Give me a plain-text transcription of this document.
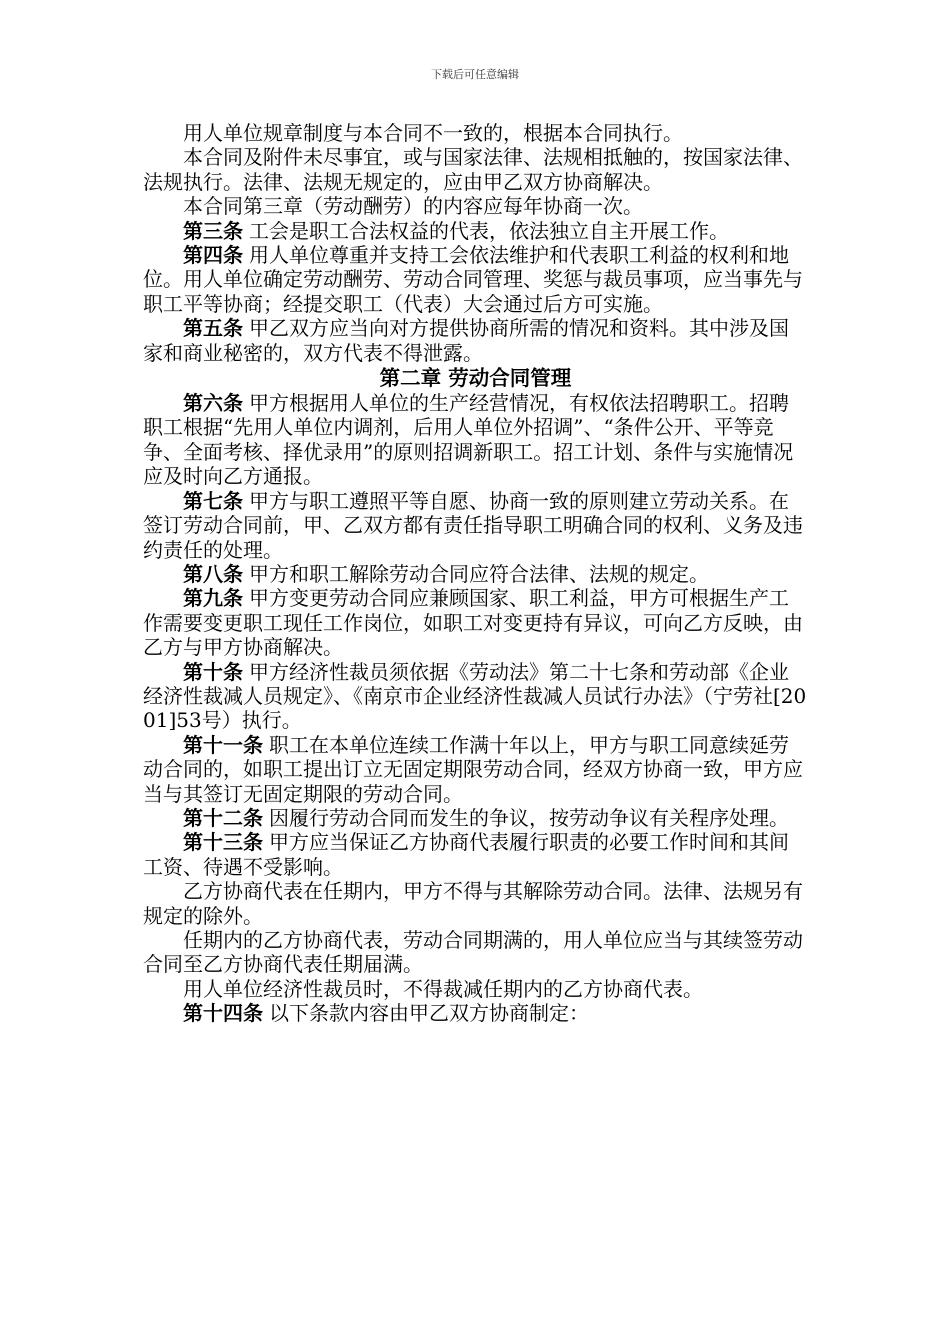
下载后可任意编辑

用人单位规章制度与本合同不一致的，根据本合同执行。

本合同及附件未尽事宜，或与国家法律、法规相抵触的，按国家法律、法规执行。法律、法规无规定的，应由甲乙双方协商解决。

本合同第三章（劳动酬劳）的内容应每年协商一次。

第三条 工会是职工合法权益的代表，依法独立自主开展工作。

第四条 用人单位尊重并支持工会依法维护和代表职工利益的权利和地位。用人单位确定劳动酬劳、劳动合同管理、奖惩与裁员事项，应当事先与职工平等协商；经提交职工（代表）大会通过后方可实施。

第五条 甲乙双方应当向对方提供协商所需的情况和资料。其中涉及国家和商业秘密的，双方代表不得泄露。

第二章 劳动合同管理

第六条 甲方根据用人单位的生产经营情况，有权依法招聘职工。招聘职工根据“先用人单位内调剂，后用人单位外招调”、“条件公开、平等竞争、全面考核、择优录用”的原则招调新职工。招工计划、条件与实施情况应及时向乙方通报。

第七条 甲方与职工遵照平等自愿、协商一致的原则建立劳动关系。在签订劳动合同前，甲、乙双方都有责任指导职工明确合同的权利、义务及违约责任的处理。

第八条 甲方和职工解除劳动合同应符合法律、法规的规定。

第九条 甲方变更劳动合同应兼顾国家、职工利益，甲方可根据生产工作需要变更职工现任工作岗位，如职工对变更持有异议，可向乙方反映，由乙方与甲方协商解决。

第十条 甲方经济性裁员须依据《劳动法》第二十七条和劳动部《企业经济性裁减人员规定》、《南京市企业经济性裁减人员试行办法》（宁劳社[2001]53号）执行。

第十一条 职工在本单位连续工作满十年以上，甲方与职工同意续延劳动合同的，如职工提出订立无固定期限劳动合同，经双方协商一致，甲方应当与其签订无固定期限的劳动合同。

第十二条 因履行劳动合同而发生的争议，按劳动争议有关程序处理。

第十三条 甲方应当保证乙方协商代表履行职责的必要工作时间和其间工资、待遇不受影响。

乙方协商代表在任期内，甲方不得与其解除劳动合同。法律、法规另有规定的除外。

任期内的乙方协商代表，劳动合同期满的，用人单位应当与其续签劳动合同至乙方协商代表任期届满。

用人单位经济性裁员时，不得裁减任期内的乙方协商代表。

第十四条 以下条款内容由甲乙双方协商制定：
